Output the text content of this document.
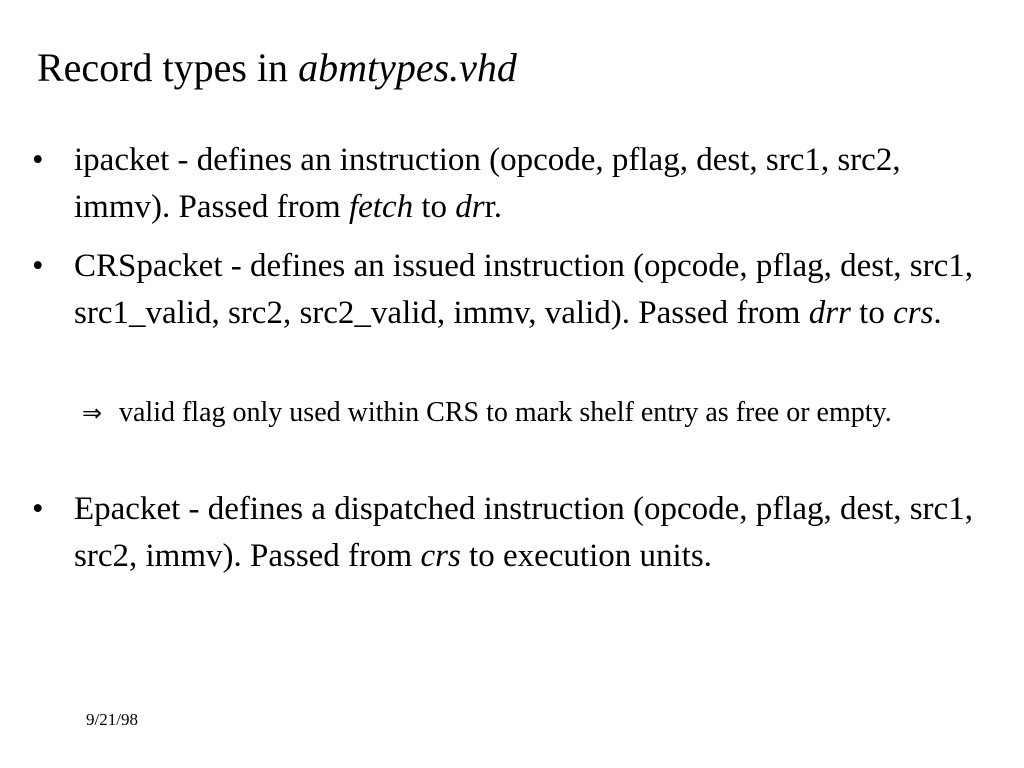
Record types in abmtypes.vhd
• ipacket - defines an instruction (opcode, pflag, dest, src1, src2, immv). Passed from fetch to drr.
• CRSpacket - defines an issued instruction (opcode, pflag, dest, src1, src1_valid, src2, src2_valid, immv, valid). Passed from drr to crs.
⇒ valid flag only used within CRS to mark shelf entry as free or empty.
• Epacket - defines a dispatched instruction (opcode, pflag, dest, src1, src2, immv). Passed from crs to execution units.
9/21/98
